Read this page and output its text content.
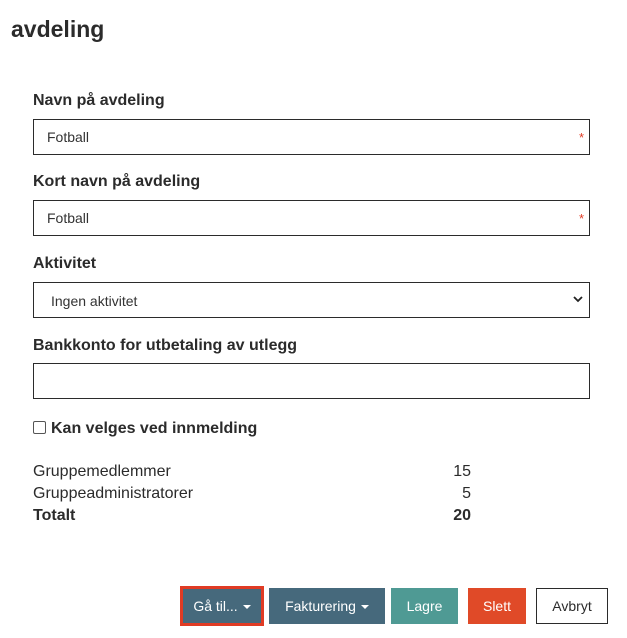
avdeling
Navn på avdeling
Fotball	*
Kort navn på avdeling
Fotball	*
Aktivitet
Ingen aktivitet
Bankkonto for utbetaling av utlegg
Kan velges ved innmelding
Gruppemedlemmer	15
Gruppeadministratorer	5
Totalt	20
Gå til...	Fakturering	Lagre	Slett	Avbryt
